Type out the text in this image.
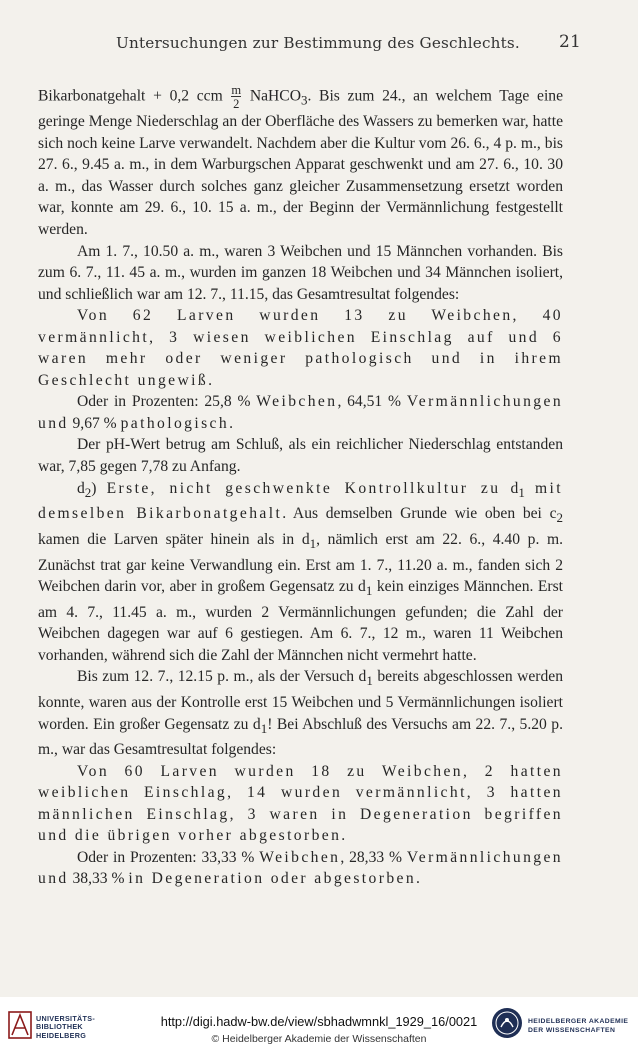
Untersuchungen zur Bestimmung des Geschlechts. 21

Bikarbonatgehalt + 0,2 ccm $\frac{m}{2}$ NaHCO$_3$. Bis zum 24., an welchem Tage eine geringe Menge Niederschlag an der Oberfläche des Wassers zu bemerken war, hatte sich noch keine Larve verwandelt. Nachdem aber die Kultur vom 26. 6., 4 p. m., bis 27. 6., 9.45 a. m., in dem Warburgschen Apparat geschwenkt und am 27. 6., 10. 30 a. m., das Wasser durch solches ganz gleicher Zusammensetzung ersetzt worden war, konnte am 29. 6., 10. 15 a. m., der Beginn der Vermännlichung festgestellt werden.

Am 1. 7., 10.50 a. m., waren 3 Weibchen und 15 Männchen vorhanden. Bis zum 6. 7., 11. 45 a. m., wurden im ganzen 18 Weibchen und 34 Männchen isoliert, und schließlich war am 12. 7., 11.15, das Gesamtresultat folgendes:

Von 62 Larven wurden 13 zu Weibchen, 40 vermännlicht, 3 wiesen weiblichen Einschlag auf und 6 waren mehr oder weniger pathologisch und in ihrem Geschlecht ungewiß.

Oder in Prozenten: 25,8 % Weibchen, 64,51 % Vermännlichungen und 9,67 % pathologisch.

Der pH-Wert betrug am Schluß, als ein reichlicher Niederschlag entstanden war, 7,85 gegen 7,78 zu Anfang.

$d_2$) Erste, nicht geschwenkte Kontrollkultur zu $d_1$ mit demselben Bikarbonatgehalt. Aus demselben Grunde wie oben bei $c_2$ kamen die Larven später hinein als in $d_1$, nämlich erst am 22. 6., 4.40 p. m. Zunächst trat gar keine Verwandlung ein. Erst am 1. 7., 11.20 a. m., fanden sich 2 Weibchen darin vor, aber in großem Gegensatz zu $d_1$ kein einziges Männchen. Erst am 4. 7., 11.45 a. m., wurden 2 Vermännlichungen gefunden; die Zahl der Weibchen dagegen war auf 6 gestiegen. Am 6. 7., 12 m., waren 11 Weibchen vorhanden, während sich die Zahl der Männchen nicht vermehrt hatte.

Bis zum 12. 7., 12.15 p. m., als der Versuch $d_1$ bereits abgeschlossen werden konnte, waren aus der Kontrolle erst 15 Weibchen und 5 Vermännlichungen isoliert worden. Ein großer Gegensatz zu $d_1$! Bei Abschluß des Versuchs am 22. 7., 5.20 p. m., war das Gesamtresultat folgendes:

Von 60 Larven wurden 18 zu Weibchen, 2 hatten weiblichen Einschlag, 14 wurden vermännlicht, 3 hatten männlichen Einschlag, 3 waren in Degeneration begriffen und die übrigen vorher abgestorben.

Oder in Prozenten: 33,33 % Weibchen, 28,33 % Vermännlichungen und 38,33 % in Degeneration oder abgestorben.

UNIVERSITÄTS-
BIBLIOTHEK
HEIDELBERG
http://digi.hadw-bw.de/view/sbhadwmnkl_1929_16/0021
© Heidelberger Akademie der Wissenschaften
HEIDELBERGER AKADEMIE
DER WISSENSCHAFTEN
